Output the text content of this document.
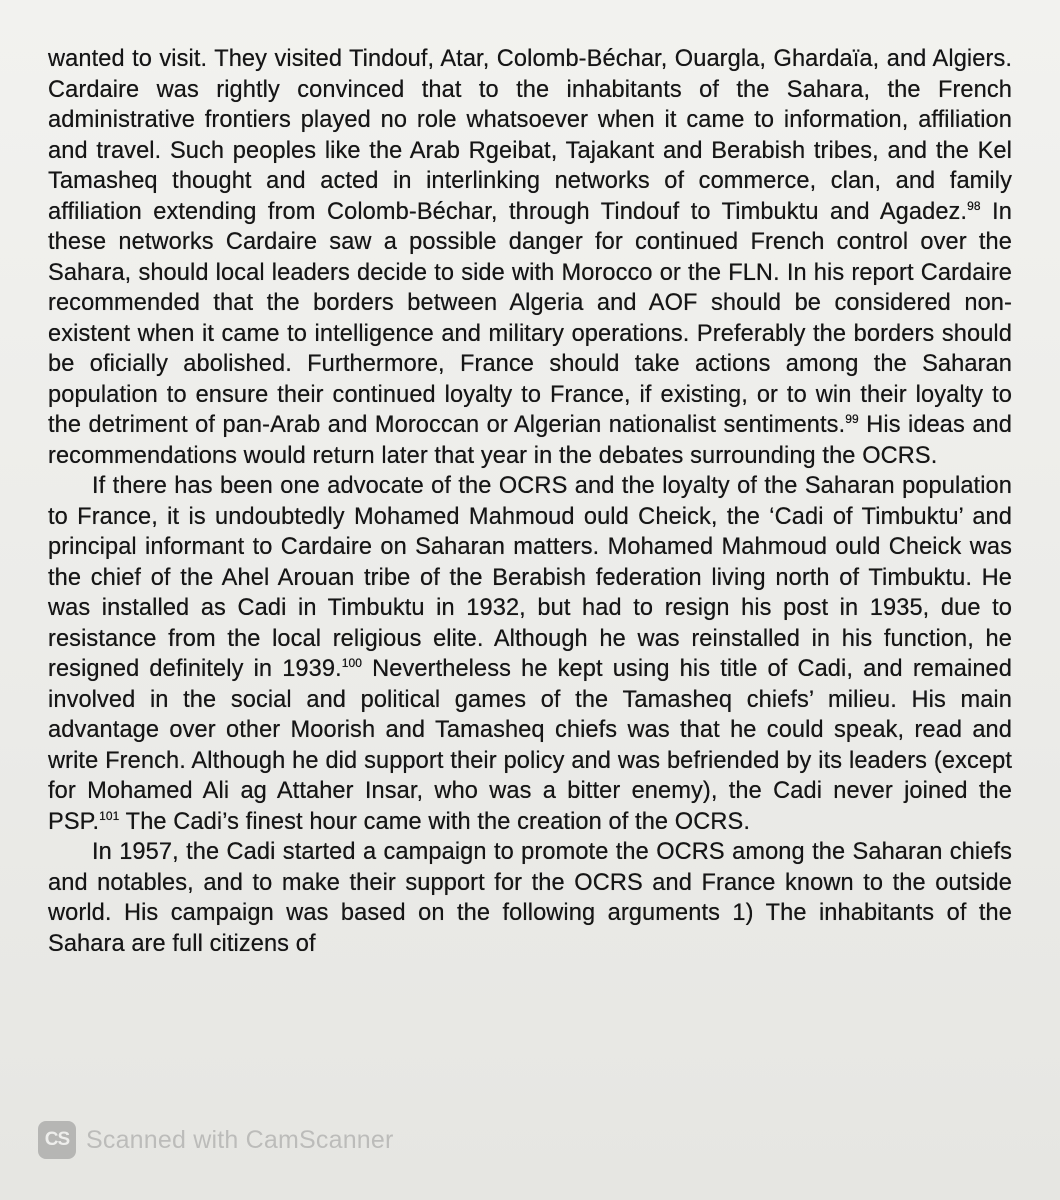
wanted to visit. They visited Tindouf, Atar, Colomb-Béchar, Ouargla, Ghardaïa, and Algiers. Cardaire was rightly convinced that to the inhabitants of the Sahara, the French administrative frontiers played no role whatsoever when it came to information, affiliation and travel. Such peoples like the Arab Rgeibat, Tajakant and Berabish tribes, and the Kel Tamasheq thought and acted in interlinking networks of commerce, clan, and family affiliation extending from Colomb-Béchar, through Tindouf to Timbuktu and Agadez.$^{98}$ In these networks Cardaire saw a possible danger for continued French control over the Sahara, should local leaders decide to side with Morocco or the FLN. In his report Cardaire recommended that the borders between Algeria and AOF should be considered non-existent when it came to intelligence and military operations. Preferably the borders should be oficially abolished. Furthermore, France should take actions among the Saharan population to ensure their continued loyalty to France, if existing, or to win their loyalty to the detriment of pan-Arab and Moroccan or Algerian nationalist sentiments.$^{99}$ His ideas and recommendations would return later that year in the debates surrounding the OCRS.

If there has been one advocate of the OCRS and the loyalty of the Saharan population to France, it is undoubtedly Mohamed Mahmoud ould Cheick, the ‘Cadi of Timbuktu’ and principal informant to Cardaire on Saharan matters. Mohamed Mahmoud ould Cheick was the chief of the Ahel Arouan tribe of the Berabish federation living north of Timbuktu. He was installed as Cadi in Timbuktu in 1932, but had to resign his post in 1935, due to resistance from the local religious elite. Although he was reinstalled in his function, he resigned definitely in 1939.$^{100}$ Nevertheless he kept using his title of Cadi, and remained involved in the social and political games of the Tamasheq chiefs’ milieu. His main advantage over other Moorish and Tamasheq chiefs was that he could speak, read and write French. Although he did support their policy and was befriended by its leaders (except for Mohamed Ali ag Attaher Insar, who was a bitter enemy), the Cadi never joined the PSP.$^{101}$ The Cadi’s finest hour came with the creation of the OCRS.

In 1957, the Cadi started a campaign to promote the OCRS among the Saharan chiefs and notables, and to make their support for the OCRS and France known to the outside world. His campaign was based on the following arguments 1) The inhabitants of the Sahara are full citizens of

CS Scanned with CamScanner
